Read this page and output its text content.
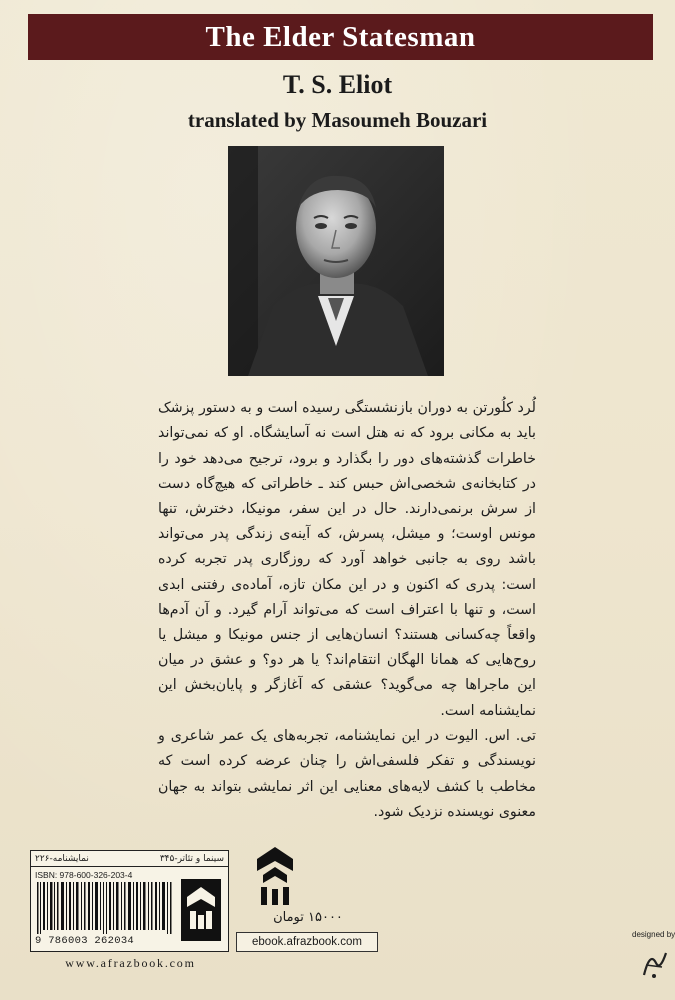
The Elder Statesman
T. S. Eliot
translated by Masoumeh Bouzari

لُرد کلُورتن به دوران بازنشستگی رسیده است و به دستور پزشک باید به مکانی برود که نه هتل است نه آسایشگاه. او که نمی‌تواند خاطرات گذشته‌های دور را بگذارد و برود، ترجیح می‌دهد خود را در کتابخانه‌ی شخصی‌اش حبس کند ـ خاطراتی که هیچ‌گاه دست از سرش برنمی‌دارند. حال در این سفر، مونیکا، دخترش، تنها مونس اوست؛ و میشل، پسرش، که آینه‌ی زندگی پدر می‌تواند باشد روی به جانبی خواهد آورد که روزگاری پدر تجربه کرده است: پدری که اکنون و در این مکان تازه، آماده‌ی رفتنی ابدی است، و تنها با اعتراف است که می‌تواند آرام گیرد. و آن آدم‌ها واقعاً چه‌کسانی هستند؟ انسان‌هایی از جنس مونیکا و میشل یا روح‌هایی که همانا الهگان انتقام‌اند؟ یا هر دو؟ و عشق در میان این ماجراها چه می‌گوید؟ عشقی که آغازگر و پایان‌بخش این نمایشنامه است.

تی. اس. الیوت در این نمایشنامه، تجربه‌های یک عمر شاعری و نویسندگی و تفکر فلسفی‌اش را چنان عرضه کرده است که مخاطب با کشف لایه‌های معنایی این اثر نمایشی بتواند به جهان معنوی نویسنده نزدیک شود.

سینما و تئاتر-۳۴۵
نمایشنامه-۲۲۶
ISBN: 978-600-326-203-4
9 786003 262034
www.afrazbook.com
۱۵۰۰۰ تومان
ebook.afrazbook.com
designed by
